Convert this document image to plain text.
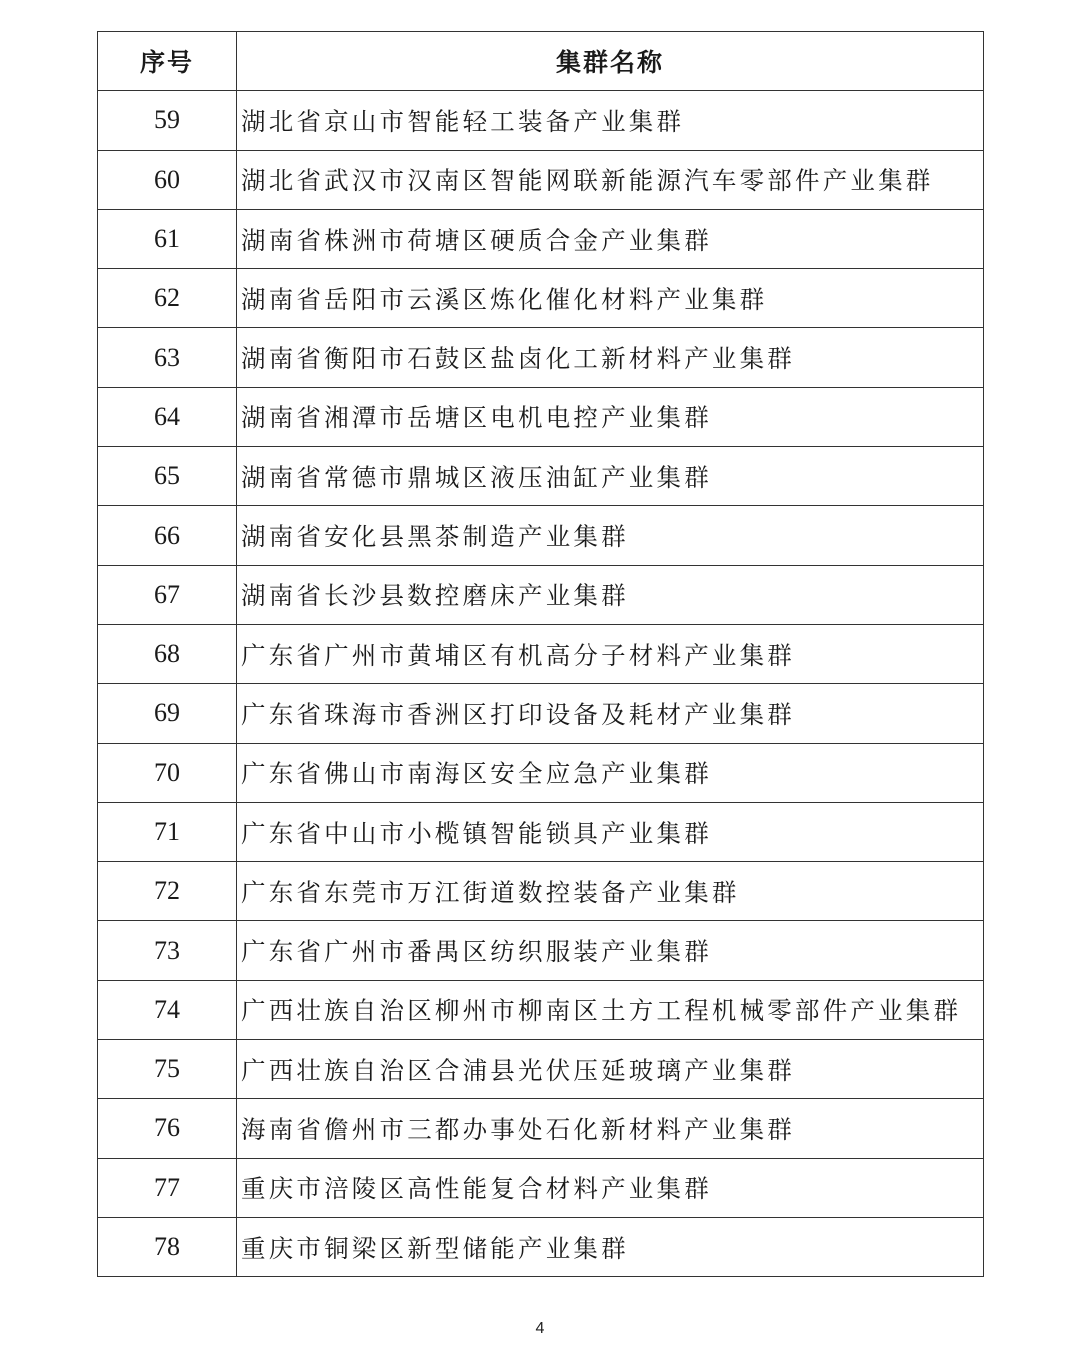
序号	集群名称
59	湖北省京山市智能轻工装备产业集群
60	湖北省武汉市汉南区智能网联新能源汽车零部件产业集群
61	湖南省株洲市荷塘区硬质合金产业集群
62	湖南省岳阳市云溪区炼化催化材料产业集群
63	湖南省衡阳市石鼓区盐卤化工新材料产业集群
64	湖南省湘潭市岳塘区电机电控产业集群
65	湖南省常德市鼎城区液压油缸产业集群
66	湖南省安化县黑茶制造产业集群
67	湖南省长沙县数控磨床产业集群
68	广东省广州市黄埔区有机高分子材料产业集群
69	广东省珠海市香洲区打印设备及耗材产业集群
70	广东省佛山市南海区安全应急产业集群
71	广东省中山市小榄镇智能锁具产业集群
72	广东省东莞市万江街道数控装备产业集群
73	广东省广州市番禺区纺织服装产业集群
74	广西壮族自治区柳州市柳南区土方工程机械零部件产业集群
75	广西壮族自治区合浦县光伏压延玻璃产业集群
76	海南省儋州市三都办事处石化新材料产业集群
77	重庆市涪陵区高性能复合材料产业集群
78	重庆市铜梁区新型储能产业集群
4
